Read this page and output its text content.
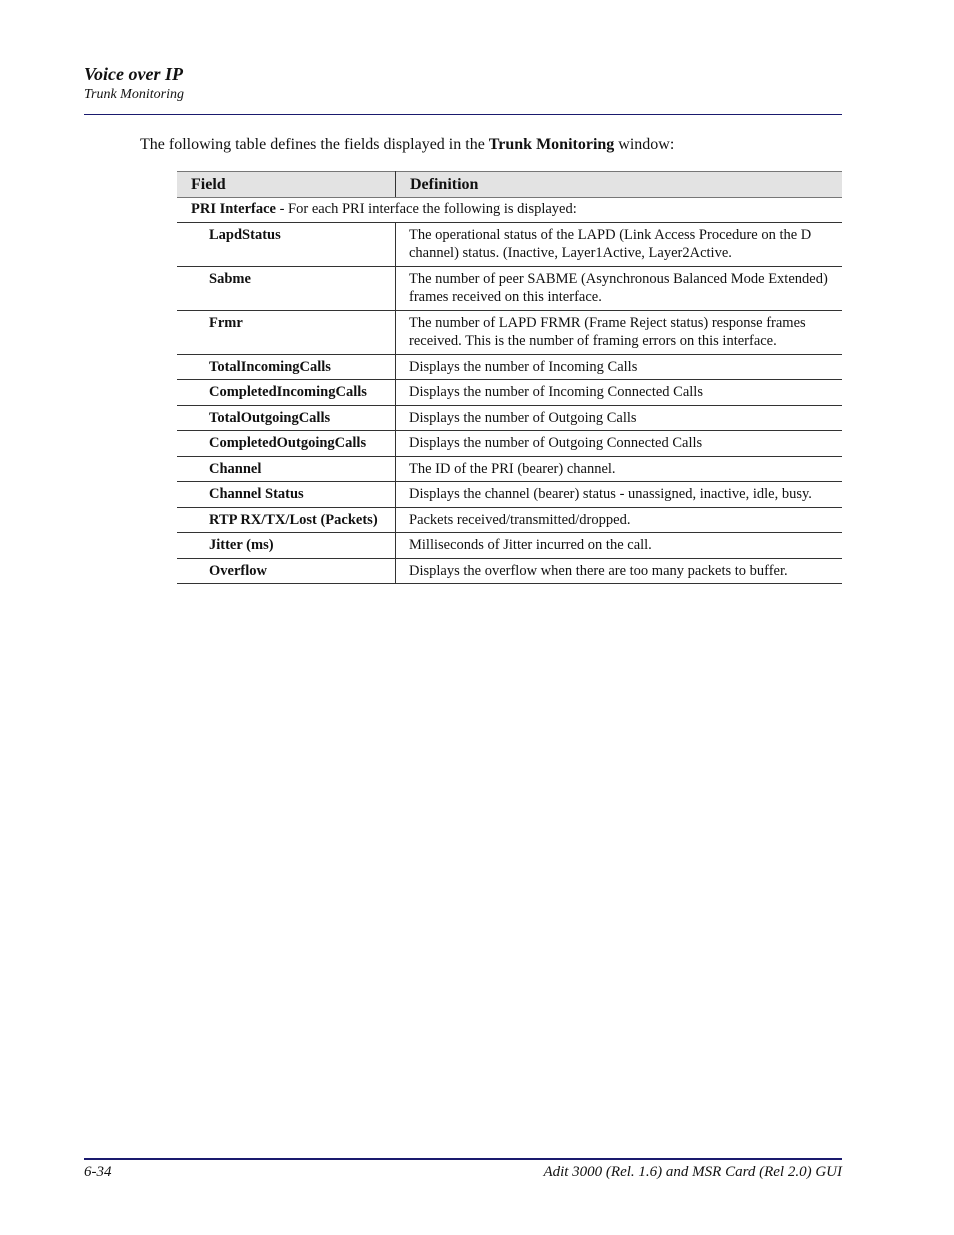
Voice over IP
Trunk Monitoring
The following table defines the fields displayed in the Trunk Monitoring window:
Field	Definition
PRI Interface - For each PRI interface the following is displayed:	
LapdStatus	The operational status of the LAPD (Link Access Procedure on the D channel) status. (Inactive, Layer1Active, Layer2Active.
Sabme	The number of peer SABME (Asynchronous Balanced Mode Extended) frames received on this interface.
Frmr	The number of LAPD FRMR (Frame Reject status) response frames received. This is the number of framing errors on this interface.
TotalIncomingCalls	Displays the number of Incoming Calls
CompletedIncomingCalls	Displays the number of Incoming Connected Calls
TotalOutgoingCalls	Displays the number of Outgoing Calls
CompletedOutgoingCalls	Displays the number of Outgoing Connected Calls
Channel	The ID of the PRI (bearer) channel.
Channel Status	Displays the channel (bearer) status - unassigned, inactive, idle, busy.
RTP RX/TX/Lost (Packets)	Packets received/transmitted/dropped.
Jitter (ms)	Milliseconds of Jitter incurred on the call.
Overflow	Displays the overflow when there are too many packets to buffer.
6-34	Adit 3000 (Rel. 1.6) and MSR Card (Rel 2.0) GUI
